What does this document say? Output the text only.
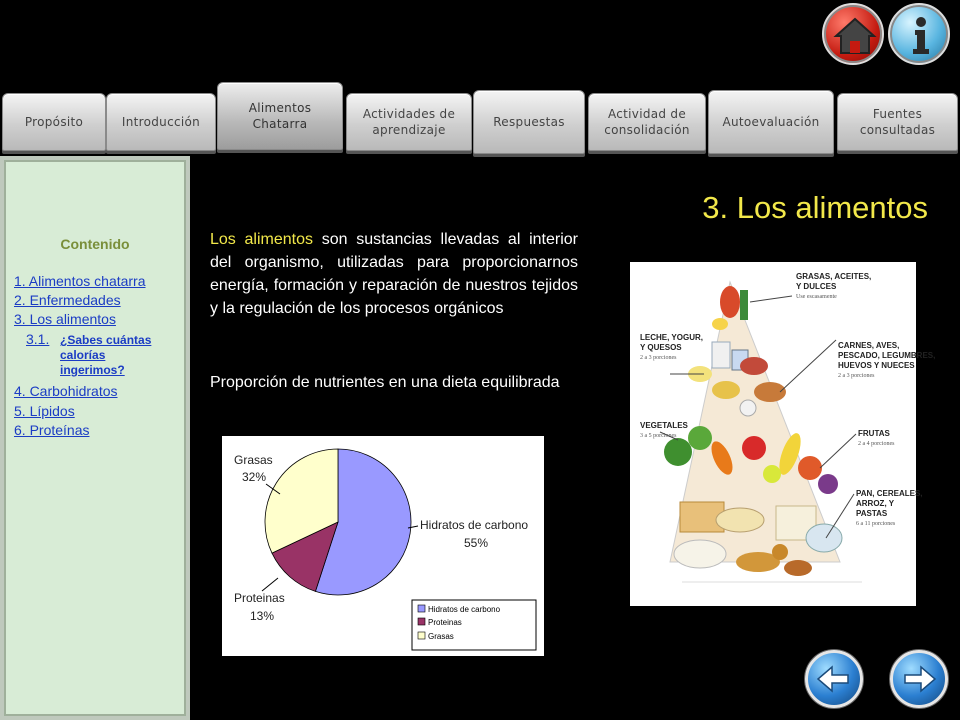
Propósito	Introducción
Alimentos Chatarra
Actividades de aprendizaje
Respuestas
Actividad de consolidación
Autoevaluación
Fuentes consultadas
Contenido
1. Alimentos chatarra
2. Enfermedades
3. Los alimentos
3.1. ¿Sabes cuántas
calorías
ingerimos?
4. Carbohidratos
5. Lípidos
6. Proteínas
3. Los alimentos
Los alimentos son sustancias llevadas al interior del organismo, utilizadas para proporcionarnos energía, formación y reparación de nuestros tejidos y la regulación de los procesos orgánicos
Proporción de nutrientes en una dieta equilibrada
Grasas
32%
Hidratos de carbono
55%
Proteinas
13%	Hidratos de carbono
Proteinas
Grasas
GRASAS, ACEITES,
Y DULCES
LECHE, YOGUR,
Y QUESOS	CARNES, AVES,
PESCADO, LEGUMBRES,
HUEVOS Y NUECES
VEGETALES
FRUTAS
PAN, CEREALES,
ARROZ, Y
PASTAS
Use escasamente
2 a 3 porciones
2 a 3 porciones
3 a 5 porciones
2 a 4 porciones
6 a 11 porciones
